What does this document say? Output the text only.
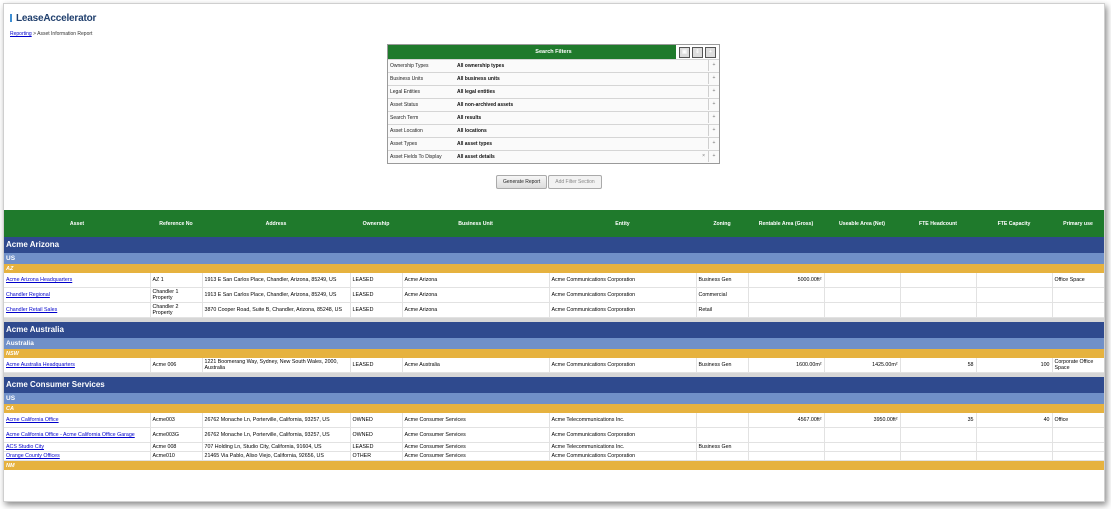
LeaseAccelerator
Reporting > Asset Information Report
Search Filters	▣	⇩	+
Ownership Types	All ownership types	+
Business Units	All business units	+
Legal Entities	All legal entities	+
Asset Status	All non-archived assets	+
Search Term	All results	+
Asset Location	All locations	+
Asset Types	All asset types	+
Asset Fields To Display	All asset details	×	+
Generate Report	Add Filter Section
Asset	Reference No	Address	Ownership	Business Unit	Entity	Zoning	Rentable Area (Gross)	Useable Area (Net)	FTE Headcount	FTE Capacity	Primary use
Acme Arizona											
US											
AZ											
Acme Arizona Headquarters	AZ 1	1913 E San Carlos Place, Chandler, Arizona, 85249, US	LEASED	Acme Arizona	Acme Communications Corporation	Business Gen	5000.00ft²				Office Space
Chandler Regional	Chandler 1 Property	1913 E San Carlos Place, Chandler, Arizona, 85249, US	LEASED	Acme Arizona	Acme Communications Corporation	Commercial					
Chandler Retail Sales	Chandler 2 Property	3870 Cooper Road, Suite B, Chandler, Arizona, 85248, US	LEASED	Acme Arizona	Acme Communications Corporation	Retail					

Acme Australia											
Australia											
NSW											
Acme Australia Headquarters	Acme 006	1221 Boomerang Way, Sydney, New South Wales, 2000, Australia	LEASED	Acme Australia	Acme Communications Corporation	Business Gen	1600.00m²	1425.00m²	58	100	Corporate Office Space

Acme Consumer Services											
US											
CA											
Acme California Office	Acme003	26762 Monache Ln, Porterville, California, 93257, US	OWNED	Acme Consumer Services	Acme Telecommunications Inc.		4567.00ft²	3950.00ft²	35	40	Office
Acme California Office - Acme California Office Garage	Acme003G	26762 Monache Ln, Porterville, California, 93257, US	OWNED	Acme Consumer Services	Acme Communications Corporation						
ACS Studio City	Acme 008	707 Holding Ln, Studio City, California, 91604, US	LEASED	Acme Consumer Services	Acme Telecommunications Inc.	Business Gen					
Orange County Offices	Acme010	21465 Via Pablo, Aliso Viejo, California, 92656, US	OTHER	Acme Consumer Services	Acme Communications Corporation						
NM											
